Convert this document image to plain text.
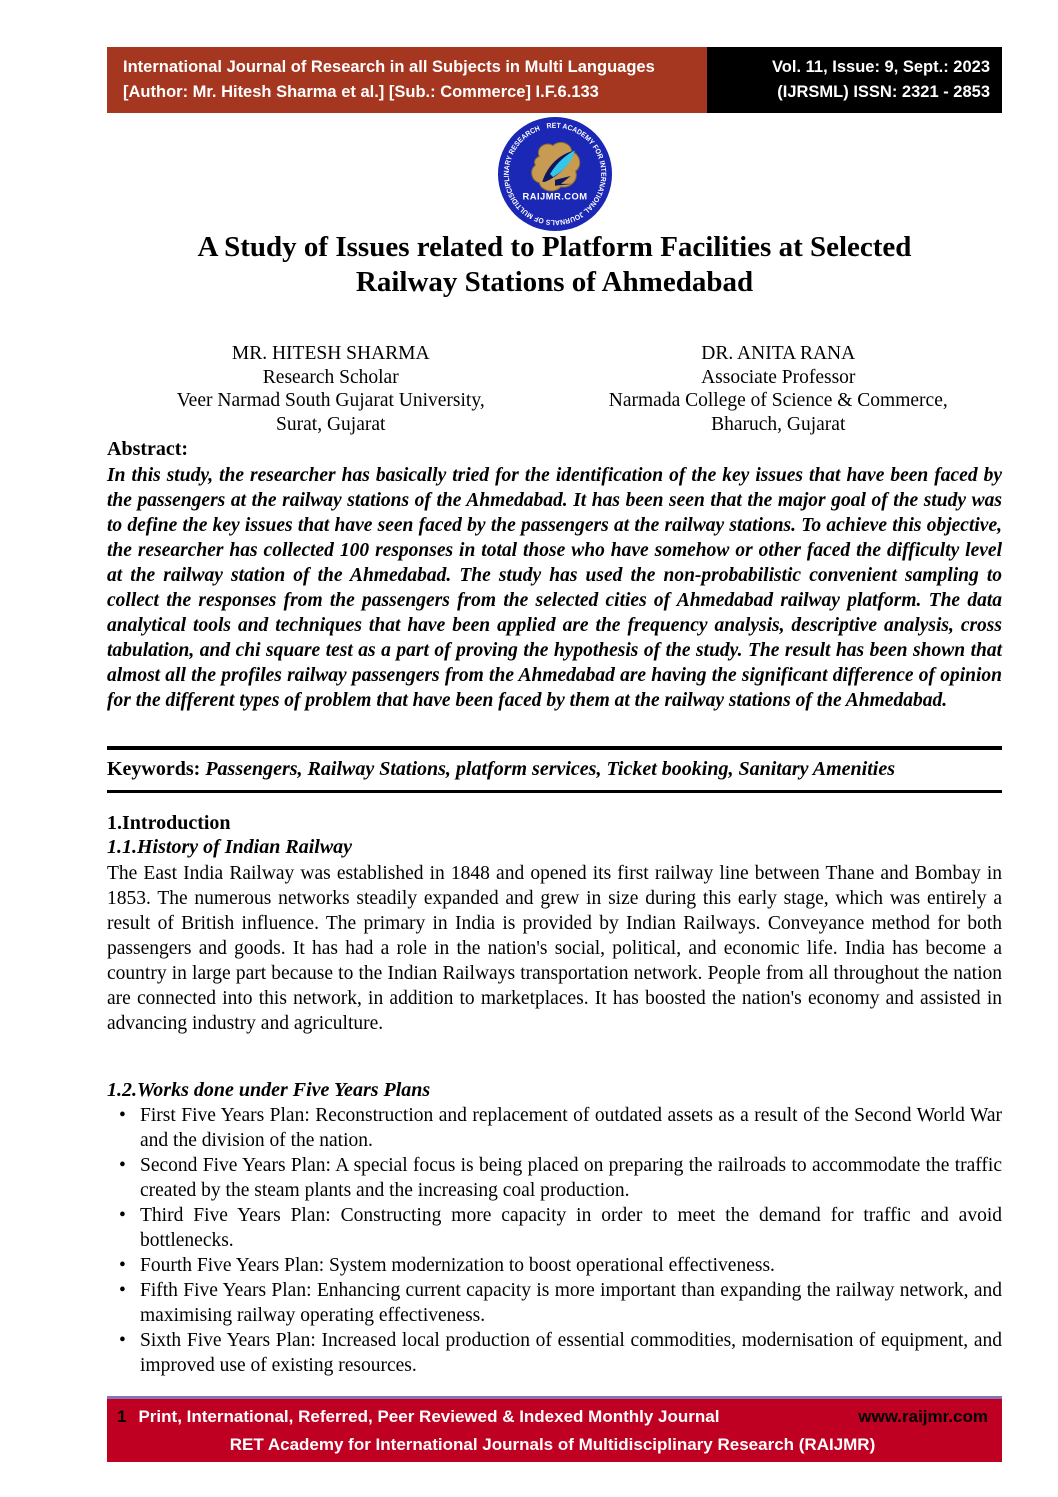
International Journal of Research in all Subjects in Multi Languages
[Author: Mr. Hitesh Sharma et al.] [Sub.: Commerce] I.F.6.133
Vol. 11, Issue: 9, Sept.: 2023
(IJRSML) ISSN: 2321 - 2853
RET ACADEMY FOR INTERNATIONAL JOURNALS OF MULTIDISCIPLINARY RESEARCH
RAIJMR.COM
A Study of Issues related to Platform Facilities at Selected
Railway Stations of Ahmedabad
MR. HITESH SHARMA
Research Scholar
Veer Narmad South Gujarat University,
Surat, Gujarat
DR. ANITA RANA
Associate Professor
Narmada College of Science & Commerce,
Bharuch, Gujarat
Abstract:
In this study, the researcher has basically tried for the identification of the key issues that have been faced by the passengers at the railway stations of the Ahmedabad. It has been seen that the major goal of the study was to define the key issues that have seen faced by the passengers at the railway stations. To achieve this objective, the researcher has collected 100 responses in total those who have somehow or other faced the difficulty level at the railway station of the Ahmedabad. The study has used the non-probabilistic convenient sampling to collect the responses from the passengers from the selected cities of Ahmedabad railway platform. The data analytical tools and techniques that have been applied are the frequency analysis, descriptive analysis, cross tabulation, and chi square test as a part of proving the hypothesis of the study. The result has been shown that almost all the profiles railway passengers from the Ahmedabad are having the significant difference of opinion for the different types of problem that have been faced by them at the railway stations of the Ahmedabad.
Keywords: Passengers, Railway Stations, platform services, Ticket booking, Sanitary Amenities
1.Introduction
1.1.History of Indian Railway
The East India Railway was established in 1848 and opened its first railway line between Thane and Bombay in 1853. The numerous networks steadily expanded and grew in size during this early stage, which was entirely a result of British influence. The primary in India is provided by Indian Railways. Conveyance method for both passengers and goods. It has had a role in the nation's social, political, and economic life. India has become a country in large part because to the Indian Railways transportation network. People from all throughout the nation are connected into this network, in addition to marketplaces. It has boosted the nation's economy and assisted in advancing industry and agriculture.
1.2.Works done under Five Years Plans
• First Five Years Plan: Reconstruction and replacement of outdated assets as a result of the Second World War and the division of the nation.
• Second Five Years Plan: A special focus is being placed on preparing the railroads to accommodate the traffic created by the steam plants and the increasing coal production.
• Third Five Years Plan: Constructing more capacity in order to meet the demand for traffic and avoid bottlenecks.
• Fourth Five Years Plan: System modernization to boost operational effectiveness.
• Fifth Five Years Plan: Enhancing current capacity is more important than expanding the railway network, and maximising railway operating effectiveness.
• Sixth Five Years Plan: Increased local production of essential commodities, modernisation of equipment, and improved use of existing resources.
1 Print, International, Referred, Peer Reviewed & Indexed Monthly Journal	www.raijmr.com
RET Academy for International Journals of Multidisciplinary Research (RAIJMR)
